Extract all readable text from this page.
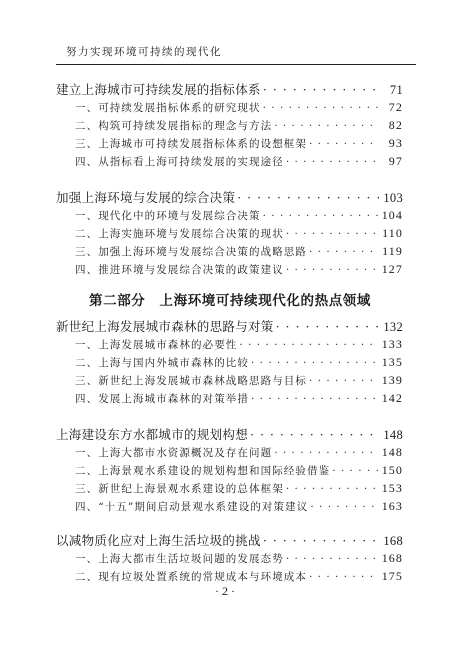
努力实现环境可持续的现代化
建立上海城市可持续发展的指标体系 · · ·	71
一、可持续发展指标体系的研究现状 · · ·	72
二、构筑可持续发展指标的理念与方法 · · ·	82
三、上海城市可持续发展指标体系的设想框架 · · ·	93
四、从指标看上海可持续发展的实现途径 · · ·	97
加强上海环境与发展的综合决策 · · ·	103
一、现代化中的环境与发展综合决策 · · ·	104
二、上海实施环境与发展综合决策的现状 · · ·	110
三、加强上海环境与发展综合决策的战略思路 · · ·	119
四、推进环境与发展综合决策的政策建议 · · ·	127
第二部分　上海环境可持续现代化的热点领域
新世纪上海发展城市森林的思路与对策 · · ·	132
一、上海发展城市森林的必要性 · · ·	133
二、上海与国内外城市森林的比较 · · ·	135
三、新世纪上海发展城市森林战略思路与目标 · · ·	139
四、发展上海城市森林的对策举措 · · ·	142
上海建设东方水都城市的规划构想 · · ·	148
一、上海大都市水资源概况及存在问题 · · ·	148
二、上海景观水系建设的规划构想和国际经验借鉴 · · ·	150
三、新世纪上海景观水系建设的总体框架 · · ·	153
四、“十五”期间启动景观水系建设的对策建议 · · ·	163
以减物质化应对上海生活垃圾的挑战 · · ·	168
一、上海大都市生活垃圾问题的发展态势 · · ·	168
二、现有垃圾处置系统的常规成本与环境成本 · · ·	175
· 2 ·
